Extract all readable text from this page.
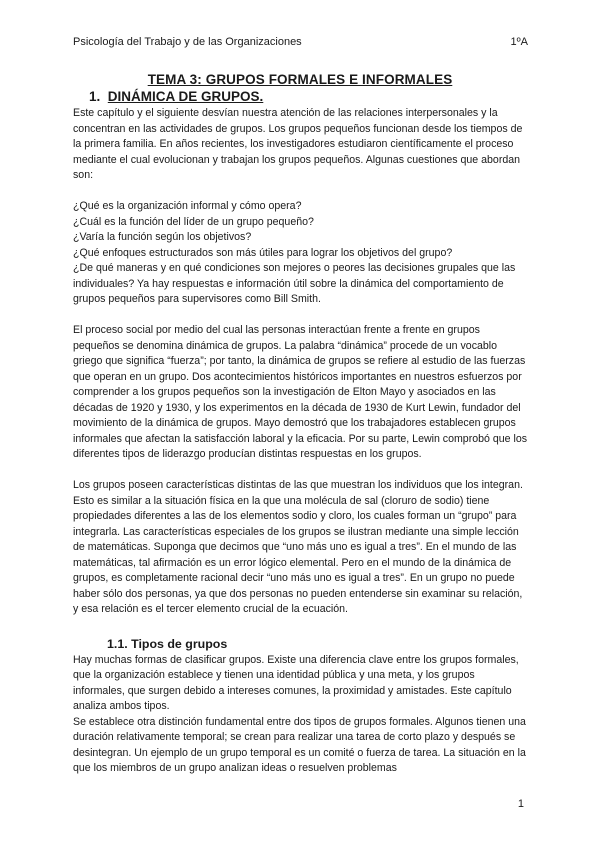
Psicología del Trabajo y de las Organizaciones	1ºA
TEMA 3: GRUPOS FORMALES E INFORMALES
1. DINÁMICA DE GRUPOS.

Este capítulo y el siguiente desvían nuestra atención de las relaciones interpersonales y la concentran en las actividades de grupos. Los grupos pequeños funcionan desde los tiempos de la primera familia. En años recientes, los investigadores estudiaron científicamente el proceso mediante el cual evolucionan y trabajan los grupos pequeños. Algunas cuestiones que abordan son:

¿Qué es la organización informal y cómo opera?

¿Cuál es la función del líder de un grupo pequeño?

¿Varía la función según los objetivos?

¿Qué enfoques estructurados son más útiles para lograr los objetivos del grupo?

¿De qué maneras y en qué condiciones son mejores o peores las decisiones grupales que las individuales? Ya hay respuestas e información útil sobre la dinámica del comportamiento de grupos pequeños para supervisores como Bill Smith.

El proceso social por medio del cual las personas interactúan frente a frente en grupos pequeños se denomina dinámica de grupos. La palabra “dinámica” procede de un vocablo griego que significa “fuerza”; por tanto, la dinámica de grupos se refiere al estudio de las fuerzas que operan en un grupo. Dos acontecimientos históricos importantes en nuestros esfuerzos por comprender a los grupos pequeños son la investigación de Elton Mayo y asociados en las décadas de 1920 y 1930, y los experimentos en la década de 1930 de Kurt Lewin, fundador del movimiento de la dinámica de grupos. Mayo demostró que los trabajadores establecen grupos informales que afectan la satisfacción laboral y la eficacia. Por su parte, Lewin comprobó que los diferentes tipos de liderazgo producían distintas respuestas en los grupos.

Los grupos poseen características distintas de las que muestran los individuos que los integran. Esto es similar a la situación física en la que una molécula de sal (cloruro de sodio) tiene propiedades diferentes a las de los elementos sodio y cloro, los cuales forman un “grupo” para integrarla. Las características especiales de los grupos se ilustran mediante una simple lección de matemáticas. Suponga que decimos que “uno más uno es igual a tres”. En el mundo de las matemáticas, tal afirmación es un error lógico elemental. Pero en el mundo de la dinámica de grupos, es completamente racional decir “uno más uno es igual a tres”. En un grupo no puede haber sólo dos personas, ya que dos personas no pueden entenderse sin examinar su relación, y esa relación es el tercer elemento crucial de la ecuación.

1.1. Tipos de grupos

Hay muchas formas de clasificar grupos. Existe una diferencia clave entre los grupos formales, que la organización establece y tienen una identidad pública y una meta, y los grupos informales, que surgen debido a intereses comunes, la proximidad y amistades. Este capítulo analiza ambos tipos.

Se establece otra distinción fundamental entre dos tipos de grupos formales. Algunos tienen una duración relativamente temporal; se crean para realizar una tarea de corto plazo y después se desintegran. Un ejemplo de un grupo temporal es un comité o fuerza de tarea. La situación en la que los miembros de un grupo analizan ideas o resuelven problemas

1
